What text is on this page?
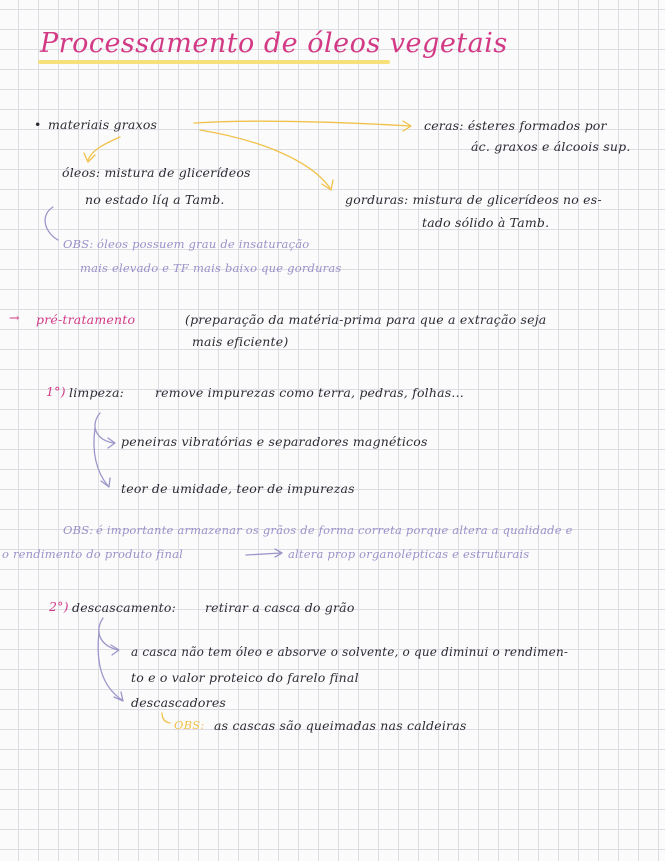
Processamento de óleos vegetais
• materiais graxos	ceras: ésteres formados por
ác. graxos e álcoois sup.
óleos: mistura de glicerídeos
no estado líq a Tamb.	gorduras: mistura de glicerídeos no es-
tado sólido à Tamb.
OBS: óleos possuem grau de insaturação
mais elevado e TF mais baixo que gorduras
→ pré-tratamento	(preparação da matéria-prima para que a extração seja
mais eficiente)
1°) limpeza: remove impurezas como terra, pedras, folhas...
peneiras vibratórias e separadores magnéticos
teor de umidade, teor de impurezas
OBS: é importante armazenar os grãos de forma correta porque altera a qualidade e
o rendimento do produto final	altera prop organolépticas e estruturais
2°) descascamento: retirar a casca do grão
a casca não tem óleo e absorve o solvente, o que diminui o rendimen-
to e o valor proteico do farelo final
descascadores
OBS: as cascas são queimadas nas caldeiras
